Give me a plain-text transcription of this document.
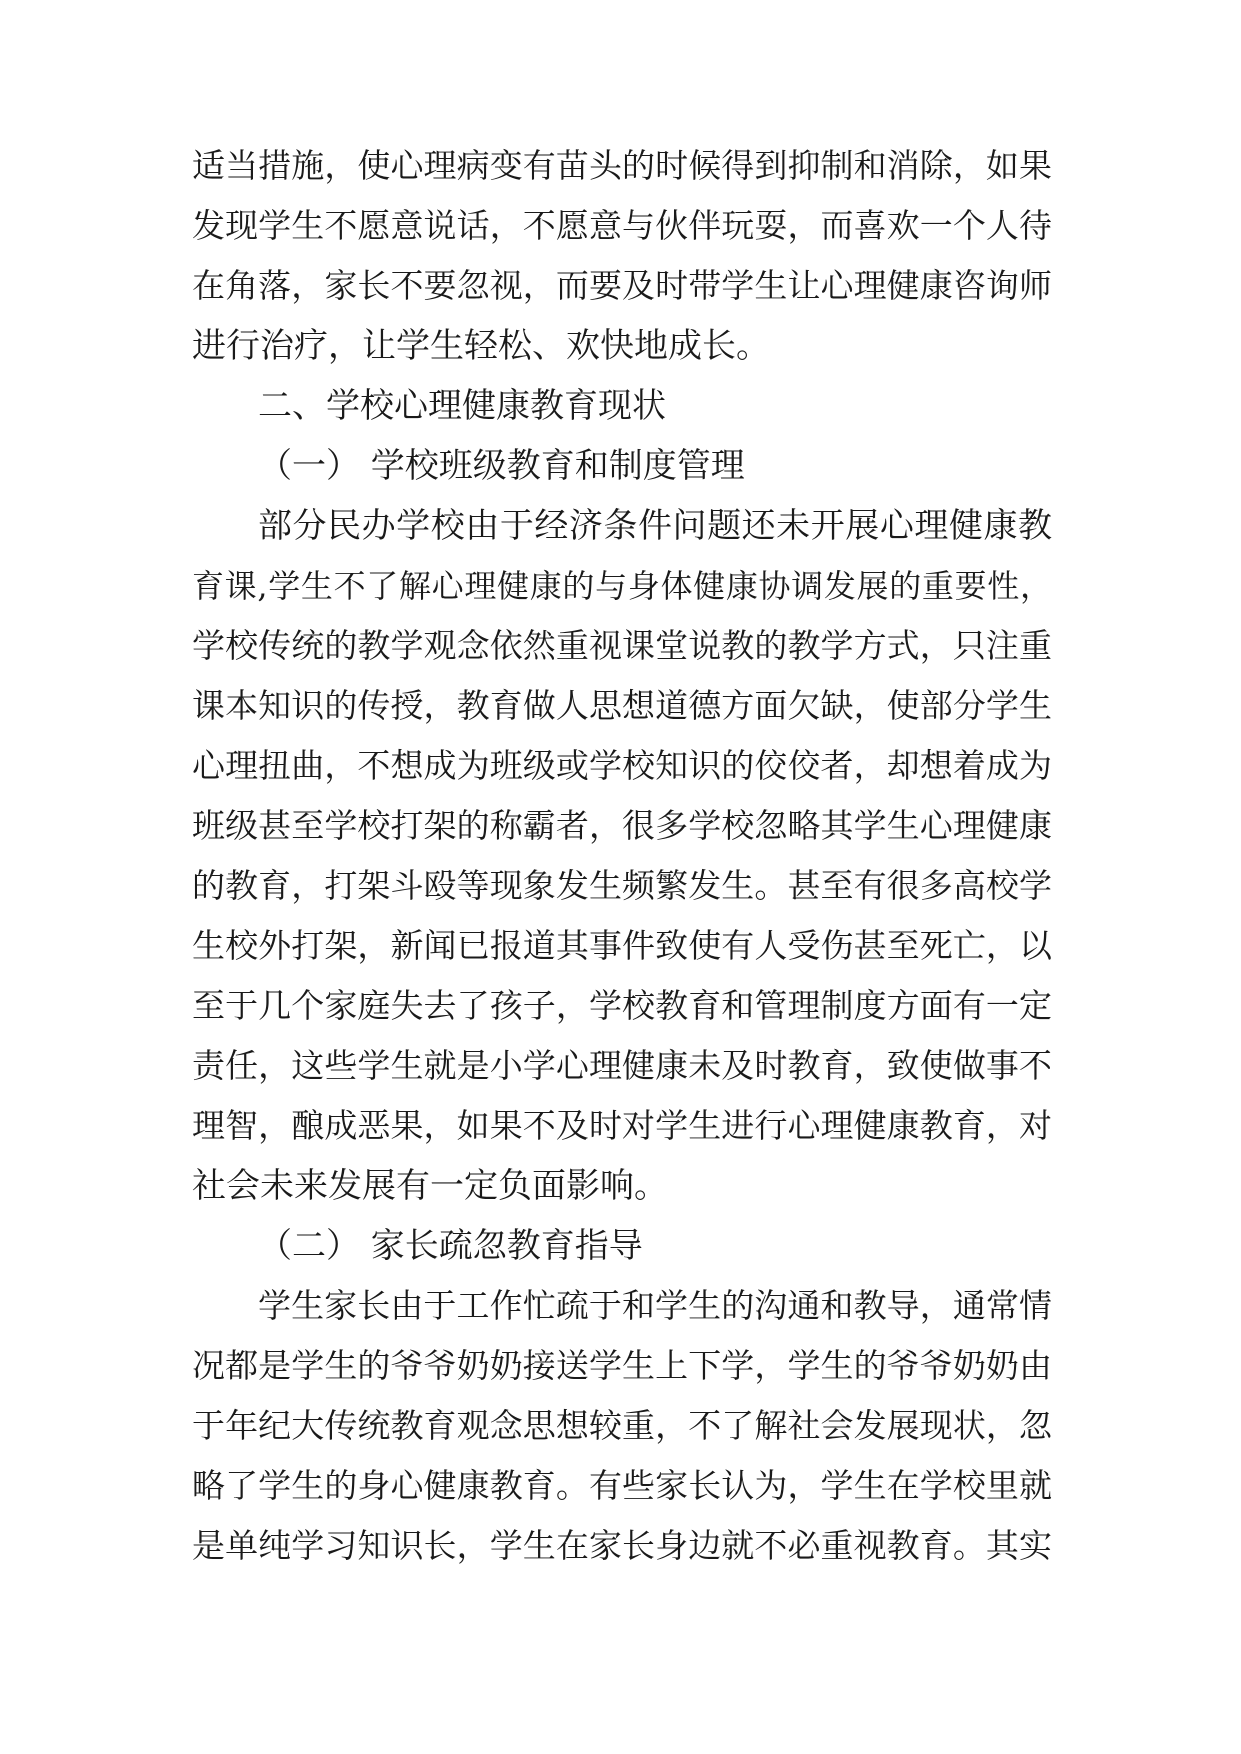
适当措施，使心理病变有苗头的时候得到抑制和消除，如果
发现学生不愿意说话，不愿意与伙伴玩耍，而喜欢一个人待
在角落，家长不要忽视，而要及时带学生让心理健康咨询师
进行治疗，让学生轻松、欢快地成长。
二、学校心理健康教育现状
（一） 学校班级教育和制度管理
部分民办学校由于经济条件问题还未开展心理健康教
育课,学生不了解心理健康的与身体健康协调发展的重要性，
学校传统的教学观念依然重视课堂说教的教学方式，只注重
课本知识的传授，教育做人思想道德方面欠缺，使部分学生
心理扭曲，不想成为班级或学校知识的佼佼者，却想着成为
班级甚至学校打架的称霸者，很多学校忽略其学生心理健康
的教育，打架斗殴等现象发生频繁发生。甚至有很多高校学
生校外打架，新闻已报道其事件致使有人受伤甚至死亡，以
至于几个家庭失去了孩子，学校教育和管理制度方面有一定
责任，这些学生就是小学心理健康未及时教育，致使做事不
理智，酿成恶果，如果不及时对学生进行心理健康教育，对
社会未来发展有一定负面影响。
（二） 家长疏忽教育指导
学生家长由于工作忙疏于和学生的沟通和教导，通常情
况都是学生的爷爷奶奶接送学生上下学，学生的爷爷奶奶由
于年纪大传统教育观念思想较重，不了解社会发展现状，忽
略了学生的身心健康教育。有些家长认为，学生在学校里就
是单纯学习知识长，学生在家长身边就不必重视教育。其实
